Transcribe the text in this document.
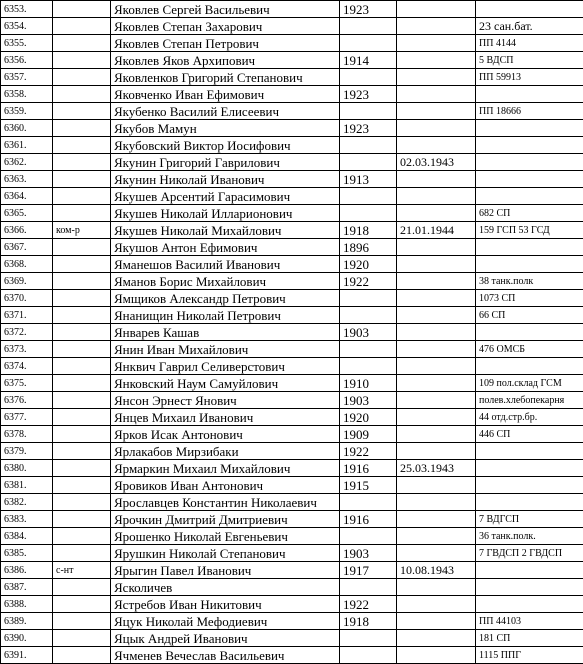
6353.		Яковлев Сергей Васильевич	1923		
6354.		Яковлев Степан Захарович			23 сан.бат.
6355.		Яковлев Степан Петрович			ПП 4144
6356.		Яковлев Яков Архипович	1914		5 ВДСП
6357.		Яковленков Григорий Степанович			ПП 59913
6358.		Яковченко Иван Ефимович	1923		
6359.		Якубенко Василий Елисеевич			ПП 18666
6360.		Якубов Мамун	1923		
6361.		Якубовский Виктор Иосифович			
6362.		Якунин Григорий Гаврилович		02.03.1943	
6363.		Якунин Николай Иванович	1913		
6364.		Якушев Арсентий Гарасимович			
6365.		Якушев Николай Илларионович			682 СП
6366.	ком-р	Якушев Николай Михайлович	1918	21.01.1944	159 ГСП 53 ГСД
6367.		Якушов Антон Ефимович	1896		
6368.		Яманешов Василий Иванович	1920		
6369.		Яманов Борис Михайлович	1922		38 танк.полк
6370.		Ямщиков Александр Петрович			1073 СП
6371.		Янанищин Николай Петрович			66 СП
6372.		Январев Кашав	1903		
6373.		Янин Иван Михайлович			476 ОМСБ
6374.		Янквич Гаврил Селиверстович			
6375.		Янковский Наум Самуйлович	1910		109 пол.склад ГСМ
6376.		Янсон Эрнест Янович	1903		полев.хлебопекарня
6377.		Янцев Михаил Иванович	1920		44 отд.стр.бр.
6378.		Ярков Исак Антонович	1909		446 СП
6379.		Ярлакабов Мирзибаки	1922		
6380.		Ярмаркин Михаил Михайлович	1916	25.03.1943	
6381.		Яровиков Иван Антонович	1915		
6382.		Ярославцев Константин Николаевич			
6383.		Ярочкин Дмитрий Дмитриевич	1916		7 ВДГСП
6384.		Ярошенко Николай Евгеньевич			36 танк.полк.
6385.		Ярушкин Николай Степанович	1903		7 ГВДСП 2 ГВДСП
6386.	с-нт	Ярыгин Павел Иванович	1917	10.08.1943	
6387.		Ясколичев			
6388.		Ястребов Иван Никитович	1922		
6389.		Яцук Николай Мефодиевич	1918		ПП 44103
6390.		Яцык Андрей Иванович			181 СП
6391.		Ячменев Вечеслав Васильевич			1115 ППГ
